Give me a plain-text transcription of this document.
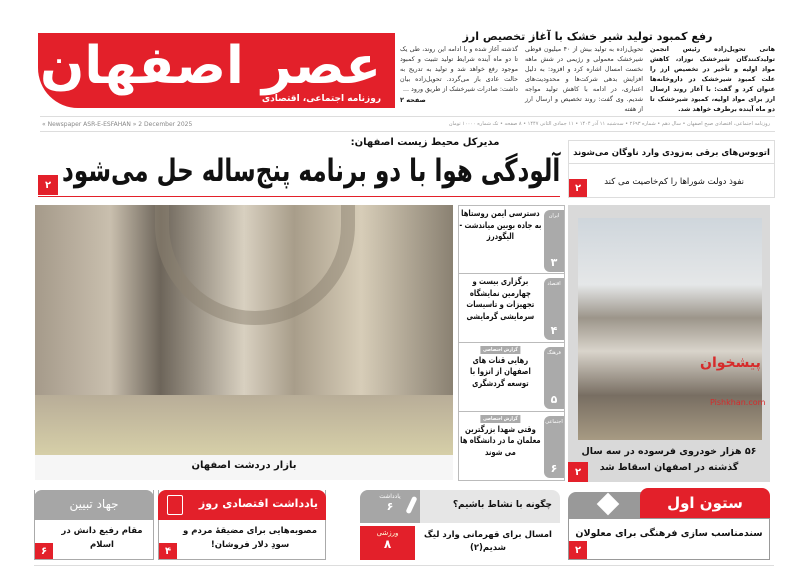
عصر اصفهان
روزنامه اجتماعی، اقتصادی
رفع کمبود تولید شیر خشک با آغاز تخصیص ارز
هانی تحویل‌زاده رئیس انجمن تولیدکنندگان شیرخشک نوزاد، کاهش مواد اولیه و تأخیر در تخصیص ارز را علت کمبود شیرخشک در داروخانه‌ها عنوان کرد و گفت: با آغاز روند ارسال ارز برای مواد اولیه، کمبود شیرخشک تا دو ماه آینده برطرف خواهد شد.
تحویل‌زاده به تولید بیش از ۴۰ میلیون قوطی شیرخشک معمولی و رژیمی در شش ماهه نخست امسال اشاره کرد و افزود: به دلیل افزایش بدهی شرکت‌ها و محدودیت‌های اعتباری، در ادامه با کاهش تولید مواجه شدیم. وی گفت: روند تخصیص و ارسال ارز از هفته
گذشته آغاز شده و با ادامه این روند، طی یک تا دو ماه آینده شرایط تولید تثبیت و کمبود موجود رفع خواهد شد و تولید به تدریج به حالت عادی باز می‌گردد. تحویل‌زاده بیان داشت: صادرات شیرخشک از طریق ورود ...
صفحه ۲
« Newspaper ASR-E-ESFAHAN » 2 December 2025	روزنامه اجتماعی، اقتصادی صبح اصفهان • سال دهم • شماره ۲۶۹۳ • سه‌شنبه ۱۱ آذر ۱۴۰۴ • ۱۱ جمادی الثانی ۱۴۴۷ • ۸ صفحه • تک شماره ۱۰۰۰۰ تومان
مدیرکل محیط زیست اصفهان:
آلودگی هوا با دو برنامه پنج‌ساله حل می‌شود
۲
اتوبوس‌های برقی به‌زودی وارد ناوگان می‌شوند
نفوذ دولت شوراها را کم‌خاصیت می کند
۲
بازار دردشت اصفهان
ایران
۳
دسترسی ایمن روستاها به جاده بوبین میاندشت - الیگودرز
اقتصاد
۴
برگزاری بیست و چهارمین نمایشگاه تجهیزات و تاسیسات سرمایشی گرمایشی
فرهنگ
۵
گزارش اختصاصی
رهایی قنات های اصفهان از انزوا با توسعه گردشگری
اجتماعی
۶
گزارش اختصاصی
وقتی شهدا بزرگترین معلمان ما در دانشگاه ها می شوند
پیشخوان
Pishkhan.com
۵۶ هزار خودروی فرسوده در سه سال گذشته در اصفهان اسقاط شد
۲
ستون اول
سندمناسب سازی فرهنگی برای معلولان
۲
چگونه با نشاط باشیم؟
یادداشت
۶
ورزشی
۸
امسال برای قهرمانی وارد لیگ شدیم(۲)
یادداشت اقتصادی روز
مصوبه‌هایی برای مضیقهٔ مردم و سودِ دلار فروشان!
۴
جهاد تبیین
مقام رفیع دانش در اسلام
۶
